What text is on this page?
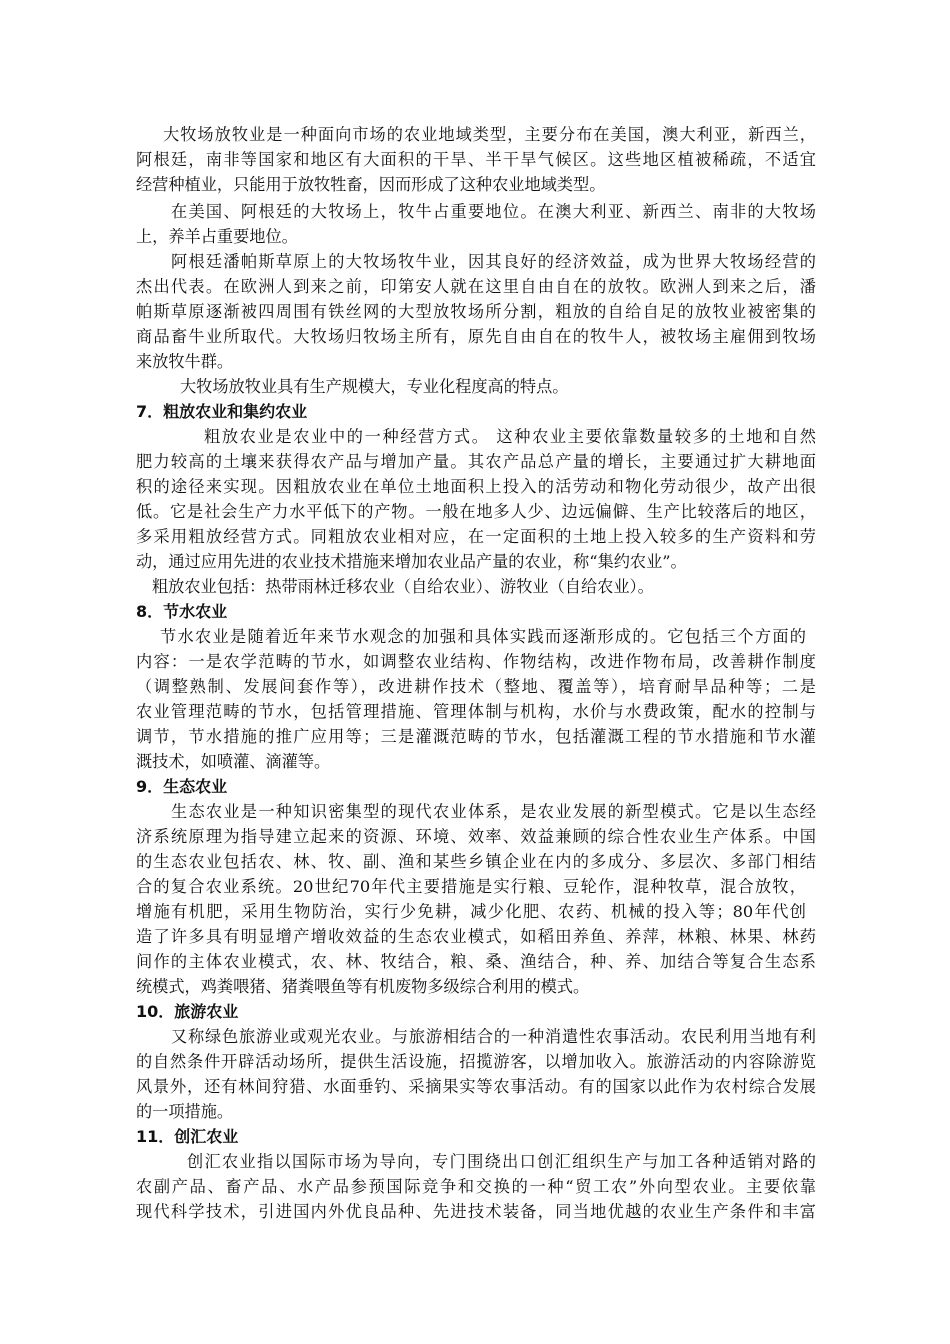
大牧场放牧业是一种面向市场的农业地域类型，主要分布在美国，澳大利亚，新西兰，
阿根廷，南非等国家和地区有大面积的干旱、半干旱气候区。这些地区植被稀疏，不适宜
经营种植业，只能用于放牧牲畜，因而形成了这种农业地域类型。
在美国、阿根廷的大牧场上，牧牛占重要地位。在澳大利亚、新西兰、南非的大牧场
上，养羊占重要地位。
阿根廷潘帕斯草原上的大牧场牧牛业，因其良好的经济效益，成为世界大牧场经营的
杰出代表。在欧洲人到来之前，印第安人就在这里自由自在的放牧。欧洲人到来之后，潘
帕斯草原逐渐被四周围有铁丝网的大型放牧场所分割，粗放的自给自足的放牧业被密集的
商品畜牛业所取代。大牧场归牧场主所有，原先自由自在的牧牛人，被牧场主雇佣到牧场
来放牧牛群。
大牧场放牧业具有生产规模大，专业化程度高的特点。
7．粗放农业和集约农业
粗放农业是农业中的一种经营方式。 这种农业主要依靠数量较多的土地和自然
肥力较高的土壤来获得农产品与增加产量。其农产品总产量的增长，主要通过扩大耕地面
积的途径来实现。因粗放农业在单位土地面积上投入的活劳动和物化劳动很少，故产出很
低。它是社会生产力水平低下的产物。一般在地多人少、边远偏僻、生产比较落后的地区，
多采用粗放经营方式。同粗放农业相对应，在一定面积的土地上投入较多的生产资料和劳
动，通过应用先进的农业技术措施来增加农业品产量的农业，称“集约农业”。
粗放农业包括：热带雨林迁移农业（自给农业）、游牧业（自给农业）。
8．节水农业
节水农业是随着近年来节水观念的加强和具体实践而逐渐形成的。它包括三个方面的
内容：一是农学范畴的节水，如调整农业结构、作物结构，改进作物布局，改善耕作制度
（调整熟制、发展间套作等），改进耕作技术（整地、覆盖等），培育耐旱品种等；二是
农业管理范畴的节水，包括管理措施、管理体制与机构，水价与水费政策，配水的控制与
调节，节水措施的推广应用等；三是灌溉范畴的节水，包括灌溉工程的节水措施和节水灌
溉技术，如喷灌、滴灌等。
9．生态农业
生态农业是一种知识密集型的现代农业体系，是农业发展的新型模式。它是以生态经
济系统原理为指导建立起来的资源、环境、效率、效益兼顾的综合性农业生产体系。中国
的生态农业包括农、林、牧、副、渔和某些乡镇企业在内的多成分、多层次、多部门相结
合的复合农业系统。20世纪70年代主要措施是实行粮、豆轮作，混种牧草，混合放牧，
增施有机肥，采用生物防治，实行少免耕，减少化肥、农药、机械的投入等；80年代创
造了许多具有明显增产增收效益的生态农业模式，如稻田养鱼、养萍，林粮、林果、林药
间作的主体农业模式，农、林、牧结合，粮、桑、渔结合，种、养、加结合等复合生态系
统模式，鸡粪喂猪、猪粪喂鱼等有机废物多级综合利用的模式。
10．旅游农业
又称绿色旅游业或观光农业。与旅游相结合的一种消遣性农事活动。农民利用当地有利
的自然条件开辟活动场所，提供生活设施，招揽游客，以增加收入。旅游活动的内容除游览
风景外，还有林间狩猎、水面垂钓、采摘果实等农事活动。有的国家以此作为农村综合发展
的一项措施。
11．创汇农业
创汇农业指以国际市场为导向，专门围绕出口创汇组织生产与加工各种适销对路的
农副产品、畜产品、水产品参预国际竞争和交换的一种“贸工农”外向型农业。主要依靠
现代科学技术，引进国内外优良品种、先进技术装备，同当地优越的农业生产条件和丰富
